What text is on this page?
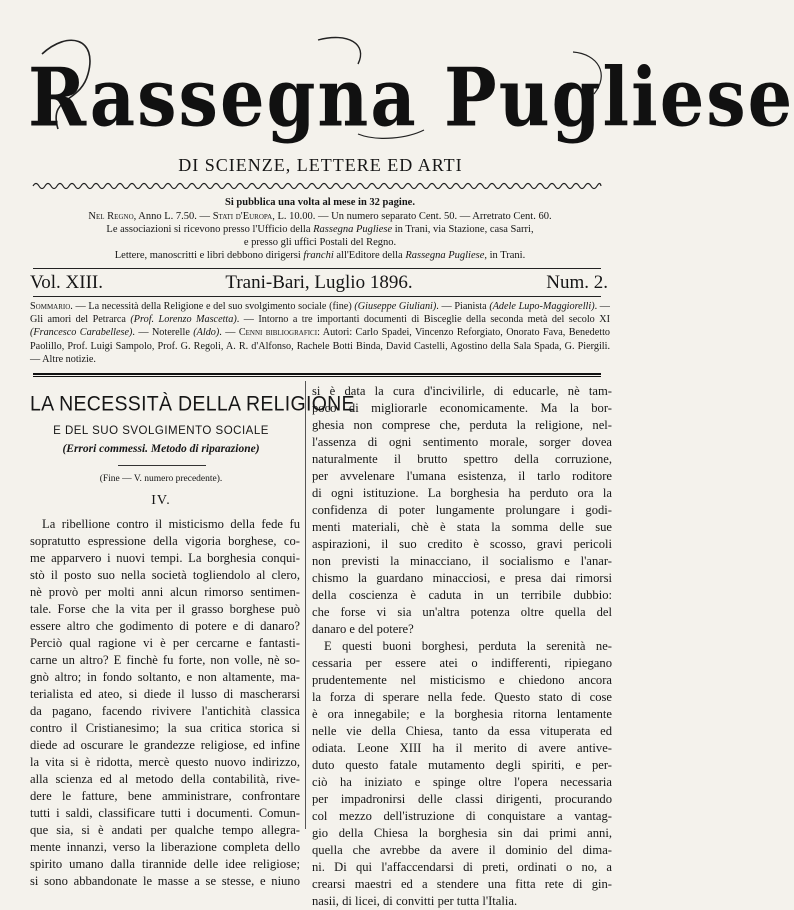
Rassegna Pugliese
DI SCIENZE, LETTERE ED ARTI
Si pubblica una volta al mese in 32 pagine.
Nel Regno, Anno L. 7.50. — Stati d'Europa, L. 10.00. — Un numero separato Cent. 50. — Arretrato Cent. 60.
Le associazioni si ricevono presso l'Ufficio della Rassegna Pugliese in Trani, via Stazione, casa Sarri,
e presso gli uffici Postali del Regno.
Lettere, manoscritti e libri debbono dirigersi franchi all'Editore della Rassegna Pugliese, in Trani.
Vol. XIII.	Trani-Bari, Luglio 1896.	Num. 2.
Sommario. — La necessità della Religione e del suo svolgimento sociale (fine) (Giuseppe Giuliani). — Pianista (Adele Lupo-Maggiorelli). — Gli amori del Petrarca (Prof. Lorenzo Mascetta). — Intorno a tre importanti documenti di Bisceglie della seconda metà del secolo XI (Francesco Carabellese). — Noterelle (Aldo). — Cenni bibliografici: Autori: Carlo Spadei, Vincenzo Reforgiato, Onorato Fava, Benedetto Paolillo, Prof. Luigi Sampolo, Prof. G. Regoli, A. R. d'Alfonso, Rachele Botti Binda, David Castelli, Agostino della Sala Spada, G. Piergili. — Altre notizie.
LA NECESSITÀ DELLA RELIGIONE
E DEL SUO SVOLGIMENTO SOCIALE
(Errori commessi. Metodo di riparazione)
(Fine — V. numero precedente).
IV.
La ribellione contro il misticismo della fede fu
sopratutto espressione della vigoria borghese, co-
me apparvero i nuovi tempi. La borghesia conqui-
stò il posto suo nella società togliendolo al clero,
nè provò per molti anni alcun rimorso sentimen-
tale. Forse che la vita per il grasso borghese può
essere altro che godimento di potere e di danaro?
Perciò qual ragione vi è per cercarne e fantasti-
carne un altro? E finchè fu forte, non volle, nè so-
gnò altro; in fondo soltanto, e non altamente, ma-
terialista ed ateo, si diede il lusso di mascherarsi
da pagano, facendo rivivere l'antichità classica
contro il Cristianesimo; la sua critica storica si
diede ad oscurare le grandezze religiose, ed infine
la vita si è ridotta, mercè questo nuovo indirizzo,
alla scienza ed al metodo della contabilità, rive-
dere le fatture, bene amministrare, confrontare
tutti i saldi, classificare tutti i documenti. Comun-
que sia, si è andati per qualche tempo allegra-
mente innanzi, verso la liberazione completa dello
spirito umano dalla tirannide delle idee religiose;
si sono abbandonate le masse a se stesse, e niuno
si è data la cura d'incivilirle, di educarle, nè tam-
poco di migliorarle economicamente. Ma la bor-
ghesia non comprese che, perduta la religione, nel-
l'assenza di ogni sentimento morale, sorger dovea
naturalmente il brutto spettro della corruzione,
per avvelenare l'umana esistenza, il tarlo roditore
di ogni istituzione. La borghesia ha perduto ora la
confidenza di poter lungamente prolungare i godi-
menti materiali, chè è stata la somma delle sue
aspirazioni, il suo credito è scosso, gravi pericoli
non previsti la minacciano, il socialismo e l'anar-
chismo la guardano minacciosi, e presa dai rimorsi
della coscienza è caduta in un terribile dubbio:
che forse vi sia un'altra potenza oltre quella del
danaro e del potere?
E questi buoni borghesi, perduta la serenità ne-
cessaria per essere atei o indifferenti, ripiegano
prudentemente nel misticismo e chiedono ancora
la forza di sperare nella fede. Questo stato di cose
è ora innegabile; e la borghesia ritorna lentamente
nelle vie della Chiesa, tanto da essa vituperata ed
odiata. Leone XIII ha il merito di avere antive-
duto questo fatale mutamento degli spiriti, e per-
ciò ha iniziato e spinge oltre l'opera necessaria
per impadronirsi delle classi dirigenti, procurando
col mezzo dell'istruzione di conquistare a vantag-
gio della Chiesa la borghesia sin dai primi anni,
quella che avrebbe da avere il dominio del dima-
ni. Di qui l'affaccendarsi di preti, ordinati o no, a
crearsi maestri ed a stendere una fitta rete di gin-
nasii, di licei, di convitti per tutta l'Italia.
